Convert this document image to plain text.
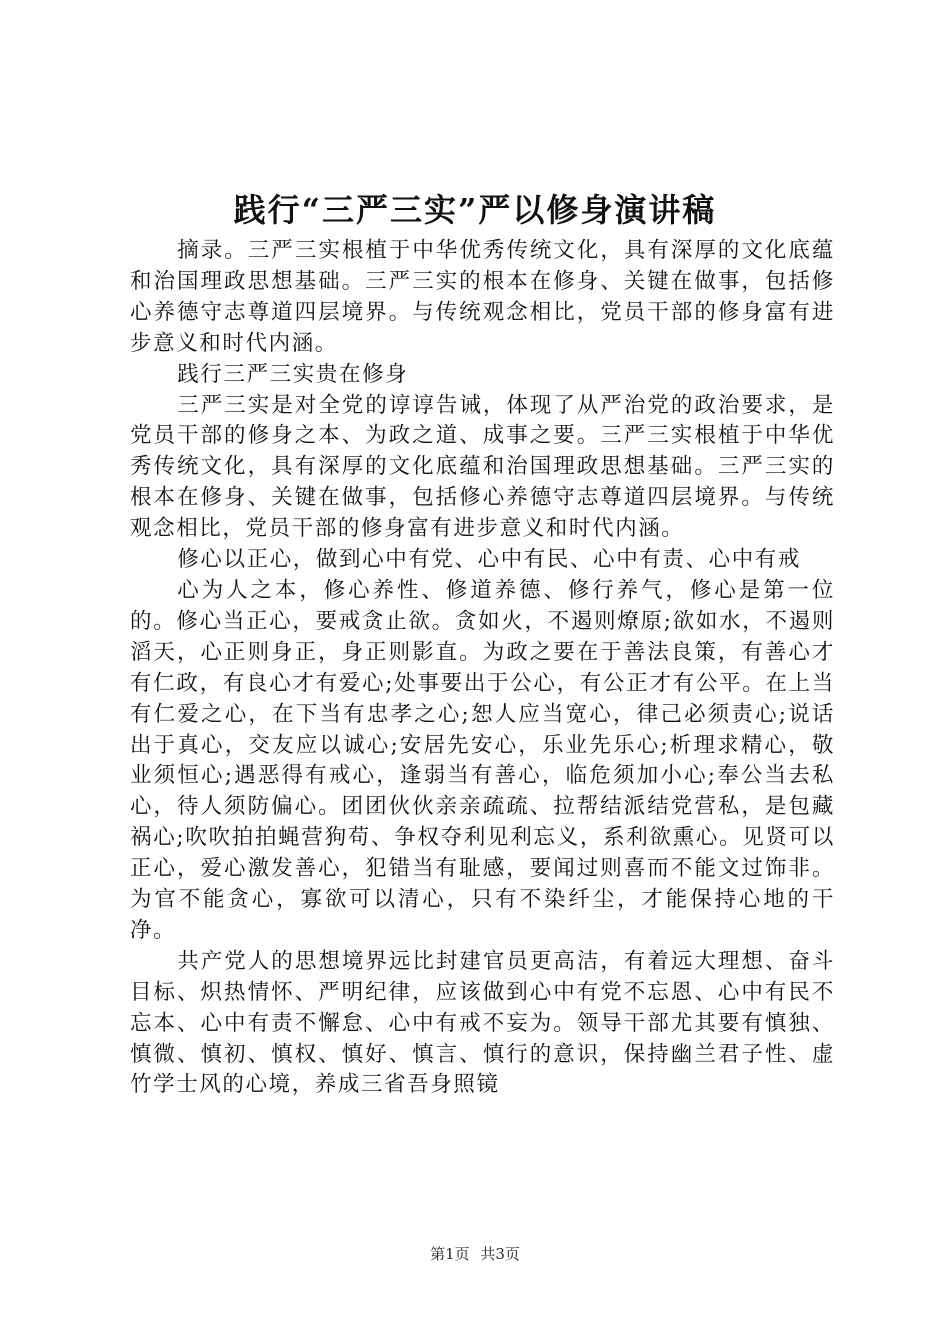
践行“三严三实”严以修身演讲稿

摘录。三严三实根植于中华优秀传统文化，具有深厚的文化底蕴和治国理政思想基础。三严三实的根本在修身、关键在做事，包括修心养德守志尊道四层境界。与传统观念相比，党员干部的修身富有进步意义和时代内涵。

践行三严三实贵在修身

三严三实是对全党的谆谆告诫，体现了从严治党的政治要求，是党员干部的修身之本、为政之道、成事之要。三严三实根植于中华优秀传统文化，具有深厚的文化底蕴和治国理政思想基础。三严三实的根本在修身、关键在做事，包括修心养德守志尊道四层境界。与传统观念相比，党员干部的修身富有进步意义和时代内涵。

修心以正心，做到心中有党、心中有民、心中有责、心中有戒

心为人之本，修心养性、修道养德、修行养气，修心是第一位的。修心当正心，要戒贪止欲。贪如火，不遏则燎原;欲如水，不遏则滔天，心正则身正，身正则影直。为政之要在于善法良策，有善心才有仁政，有良心才有爱心;处事要出于公心，有公正才有公平。在上当有仁爱之心，在下当有忠孝之心;恕人应当宽心，律己必须责心;说话出于真心，交友应以诚心;安居先安心，乐业先乐心;析理求精心，敬业须恒心;遇恶得有戒心，逢弱当有善心，临危须加小心;奉公当去私心，待人须防偏心。团团伙伙亲亲疏疏、拉帮结派结党营私，是包藏祸心;吹吹拍拍蝇营狗苟、争权夺利见利忘义，系利欲熏心。见贤可以正心，爱心激发善心，犯错当有耻感，要闻过则喜而不能文过饰非。为官不能贪心，寡欲可以清心，只有不染纤尘，才能保持心地的干净。

共产党人的思想境界远比封建官员更高洁，有着远大理想、奋斗目标、炽热情怀、严明纪律，应该做到心中有党不忘恩、心中有民不忘本、心中有责不懈怠、心中有戒不妄为。领导干部尤其要有慎独、慎微、慎初、慎权、慎好、慎言、慎行的意识，保持幽兰君子性、虚竹学士风的心境，养成三省吾身照镜

第1页 共3页
